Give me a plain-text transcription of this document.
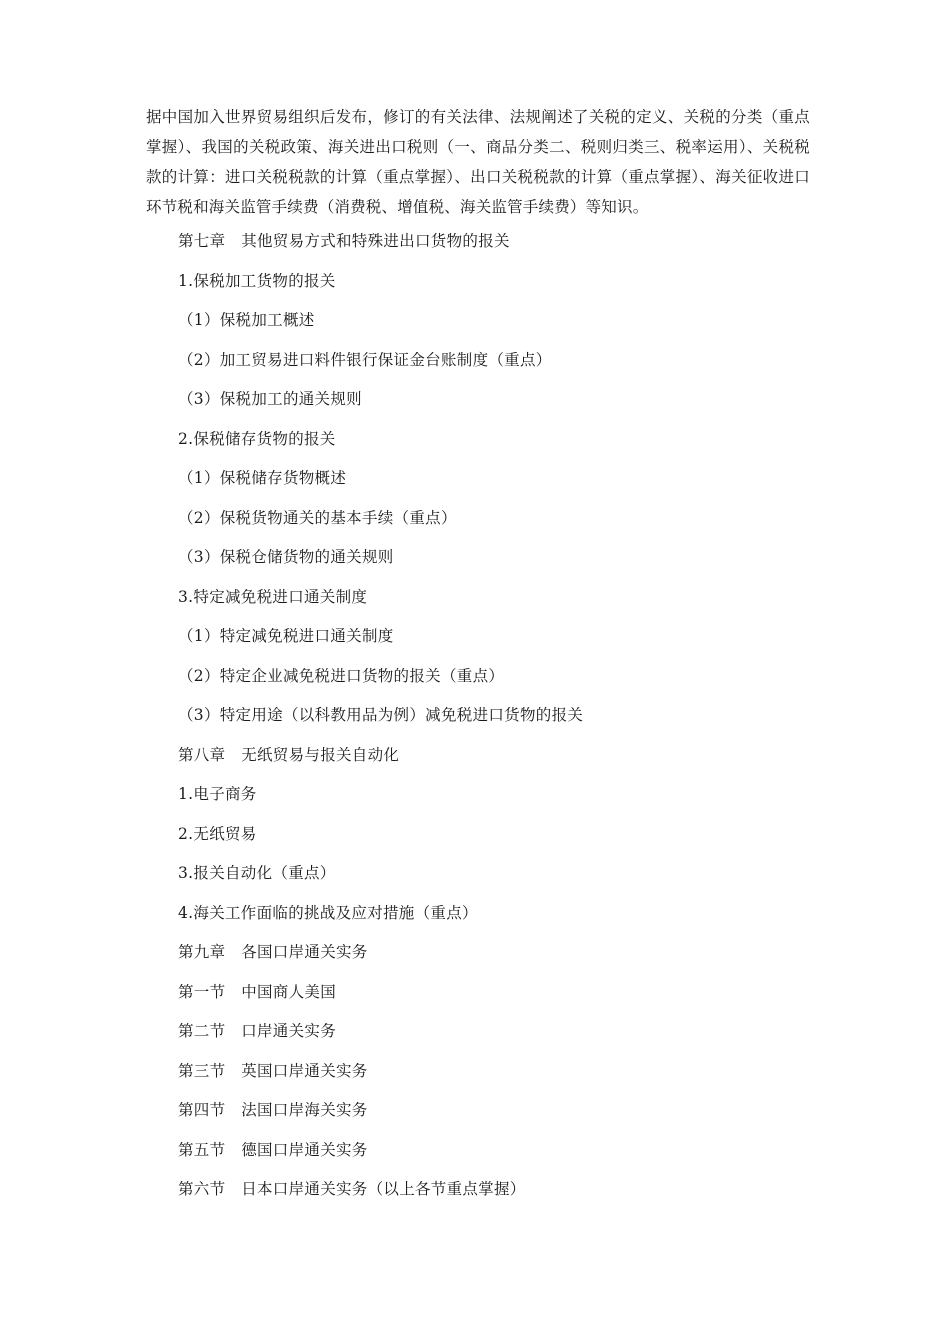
据中国加入世界贸易组织后发布，修订的有关法律、法规阐述了关税的定义、关税的分类（重点掌握）、我国的关税政策、海关进出口税则（一、商品分类二、税则归类三、税率运用）、关税税款的计算：进口关税税款的计算（重点掌握）、出口关税税款的计算（重点掌握）、海关征收进口环节税和海关监管手续费（消费税、增值税、海关监管手续费）等知识。

第七章　其他贸易方式和特殊进出口货物的报关
1.保税加工货物的报关
（1）保税加工概述
（2）加工贸易进口料件银行保证金台账制度（重点）
（3）保税加工的通关规则
2.保税储存货物的报关
（1）保税储存货物概述
（2）保税货物通关的基本手续（重点）
（3）保税仓储货物的通关规则
3.特定减免税进口通关制度
（1）特定减免税进口通关制度
（2）特定企业减免税进口货物的报关（重点）
（3）特定用途（以科教用品为例）减免税进口货物的报关
第八章　无纸贸易与报关自动化
1.电子商务
2.无纸贸易
3.报关自动化（重点）
4.海关工作面临的挑战及应对措施（重点）
第九章　各国口岸通关实务
第一节　中国商人美国
第二节　口岸通关实务
第三节　英国口岸通关实务
第四节　法国口岸海关实务
第五节　德国口岸通关实务
第六节　日本口岸通关实务（以上各节重点掌握）
